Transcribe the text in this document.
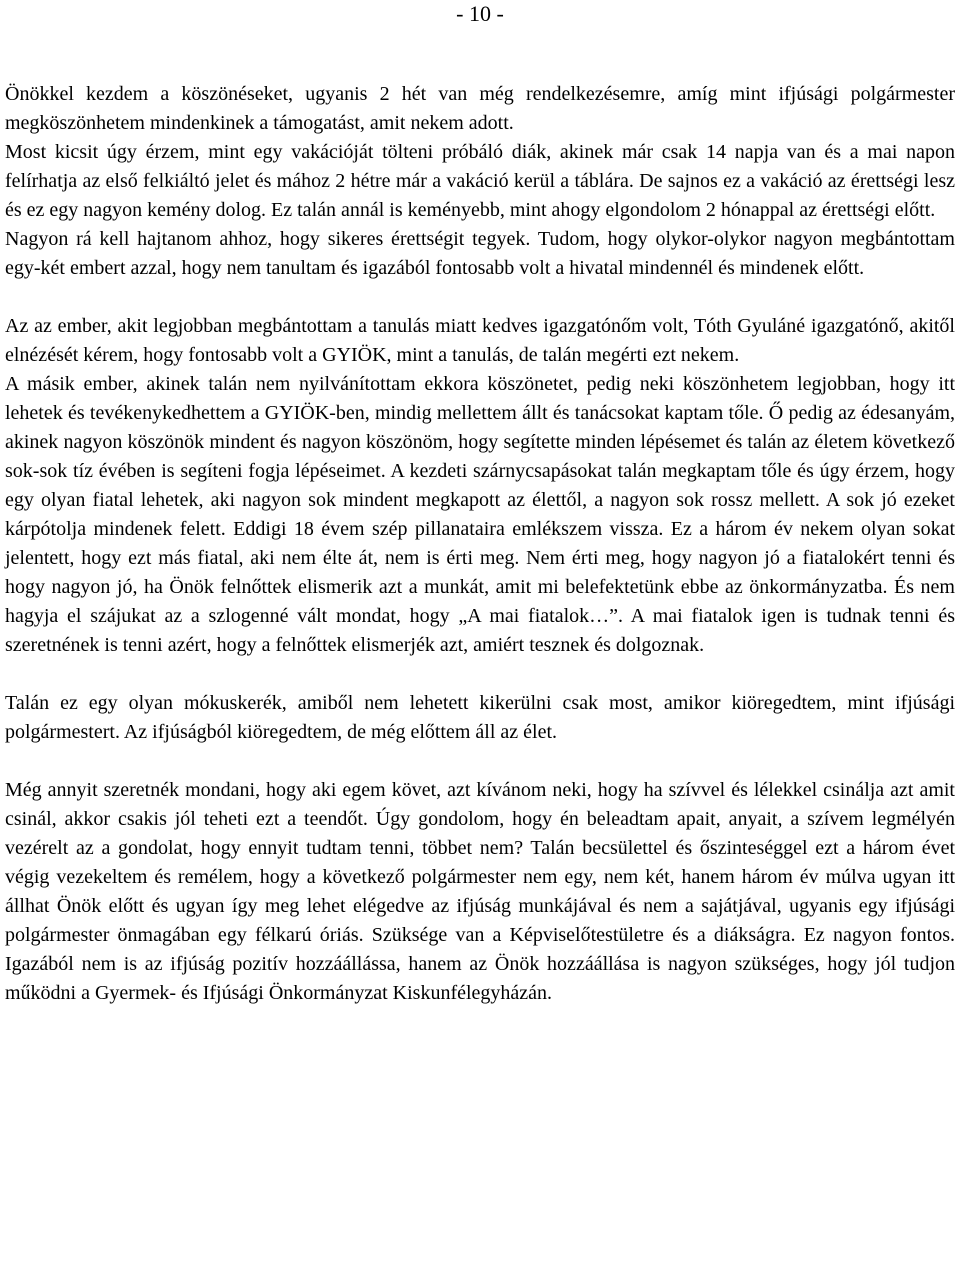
- 10 -

Önökkel kezdem a köszönéseket, ugyanis 2 hét van még rendelkezésemre, amíg mint ifjúsági polgármester megköszönhetem mindenkinek a támogatást, amit nekem adott.

Most kicsit úgy érzem, mint egy vakációját tölteni próbáló diák, akinek már csak 14 napja van és a mai napon felírhatja az első felkiáltó jelet és mához 2 hétre már a vakáció kerül a táblára. De sajnos ez a vakáció az érettségi lesz és ez egy nagyon kemény dolog. Ez talán annál is keményebb, mint ahogy elgondolom 2 hónappal az érettségi előtt.

Nagyon rá kell hajtanom ahhoz, hogy sikeres érettségit tegyek. Tudom, hogy olykor-olykor nagyon megbántottam egy-két embert azzal, hogy nem tanultam és igazából fontosabb volt a hivatal mindennél és mindenek előtt.

Az az ember, akit legjobban megbántottam a tanulás miatt kedves igazgatónőm volt, Tóth Gyuláné igazgatónő, akitől elnézését kérem, hogy fontosabb volt a GYIÖK, mint a tanulás, de talán megérti ezt nekem.

A másik ember, akinek talán nem nyilvánítottam ekkora köszönetet, pedig neki köszönhetem legjobban, hogy itt lehetek és tevékenykedhettem a GYIÖK-ben, mindig mellettem állt és tanácsokat kaptam tőle. Ő pedig az édesanyám, akinek nagyon köszönök mindent és nagyon köszönöm, hogy segítette minden lépésemet és talán az életem következő sok-sok tíz évében is segíteni fogja lépéseimet. A kezdeti szárnycsapásokat talán megkaptam tőle és úgy érzem, hogy egy olyan fiatal lehetek, aki nagyon sok mindent megkapott az élettől, a nagyon sok rossz mellett. A sok jó ezeket kárpótolja mindenek felett. Eddigi 18 évem szép pillanataira emlékszem vissza. Ez a három év nekem olyan sokat jelentett, hogy ezt más fiatal, aki nem élte át, nem is érti meg. Nem érti meg, hogy nagyon jó a fiatalokért tenni és hogy nagyon jó, ha Önök felnőttek elismerik azt a munkát, amit mi belefektetünk ebbe az önkormányzatba. És nem hagyja el szájukat az a szlogenné vált mondat, hogy „A mai fiatalok…”. A mai fiatalok igen is tudnak tenni és szeretnének is tenni azért, hogy a felnőttek elismerjék azt, amiért tesznek és dolgoznak.

Talán ez egy olyan mókuskerék, amiből nem lehetett kikerülni csak most, amikor kiöregedtem, mint ifjúsági polgármestert. Az ifjúságból kiöregedtem, de még előttem áll az élet.

Még annyit szeretnék mondani, hogy aki egem követ, azt kívánom neki, hogy ha szívvel és lélekkel csinálja azt amit csinál, akkor csakis jól teheti ezt a teendőt. Úgy gondolom, hogy én beleadtam apait, anyait, a szívem legmélyén vezérelt az a gondolat, hogy ennyit tudtam tenni, többet nem? Talán becsülettel és őszinteséggel ezt a három évet végig vezekeltem és remélem, hogy a következő polgármester nem egy, nem két, hanem három év múlva ugyan itt állhat Önök előtt és ugyan így meg lehet elégedve az ifjúság munkájával és nem a sajátjával, ugyanis egy ifjúsági polgármester önmagában egy félkarú óriás. Szüksége van a Képviselőtestületre és a diákságra. Ez nagyon fontos. Igazából nem is az ifjúság pozitív hozzáállássa, hanem az Önök hozzáállása is nagyon szükséges, hogy jól tudjon működni a Gyermek- és Ifjúsági Önkormányzat Kiskunfélegyházán.
